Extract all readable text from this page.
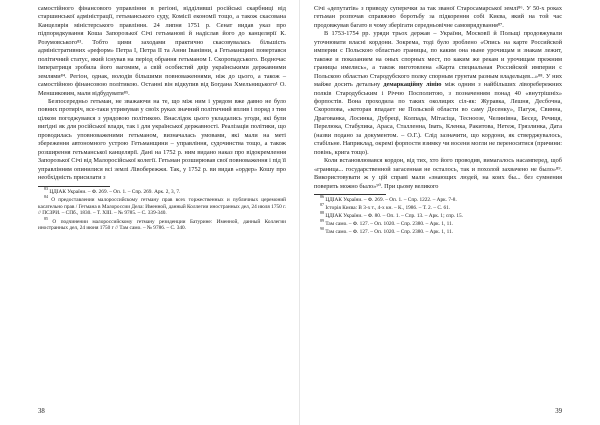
самостійного фінансового управління в регіоні, відділивші російські скарбниці від старшинської адміністрації, гетьманського суду, Комісії економії тощо, а також скасована Канцелярія міністерського правління. 24 липня 1751 р. Сенат видав указ про підпорядкування Коша Запорозької Січі гетьманові й надіслав його до канцелярії К. Розумовського⁸³. Тобто цими заходами практично скасовувалась більшість адміністративних «реформ» Петра I, Петра II та Анни Іванівни, а Гетьманщині повертався політичний статус, який існував на період обрання гетьманом І. Скоропадського. Водночас імператриця зробила його вагомим, а свій особистий двір українськими державними землями⁸⁴. Регіон, однак, володів більшими повноваженнями, ніж до цього, а також – самостійною фінансовою політикою. Останні він відкупив від Богдана Хмельницького¹ О. Меншиковим, мали відбудувати⁸⁵.

Безпосередньо гетьман, не зважаючи на те, що між ним і урядом вже давно не було повних протиріч, все-таки утримував у своїх руках значний політичний вплив і поряд з тим цілком погоджувався з урядовою політикою. Внаслідок цього укладались угоди, які були вигідні як для російської влади, так і для української державності. Реалізація політики, що проводилась уповноваженими гетьманом, визначалась умовами, які мали на меті збереження автономного устрою Гетьманщини – управління, судочинства тощо, а також розширення гетьманської канцелярії. Дані на 1752 р. ним видано наказ про відокремлення Запорозької Січі від Малоросійської колегії. Гетьман розширював свої повноваження і під її управлінням опинилися всі землі Лівобережжя. Так, у 1752 р. ви видав «ордер» Кошу про необхідність присилати з

$^{83}$ ЦДІАК України. – Ф. 269. – Оп. 1. – Спр. 269. Арк. 2, 3, 7.

$^{84}$ О предоставлении малороссийскому гетману прав всех торжественных и публичных церемоний касательно прав / Гетмана в Малороссии Дела: Именной, данный Коллегии иностранных дел, 24 июля 1750 г. // ПСЗРИ. – СПб., 1830. – Т. XIII. – № 9785. – С. 339-340.

$^{85}$ О подчинении малороссийскому гетману резиденции Батурине: Именной, данный Коллегии иностранных дел, 24 июня 1750 г // Там само. – № 9786. – С. 340.

38

Січі «депутатів» з приводу суперечки за так званої Старосамарської землі⁸⁶. У 50-х роках гетьман розпочав справжню боротьбу за підкорення собі Києва, який на той час продовжував багато в чому зберігати середньовічне самоврядування⁸⁷.

В 1753-1754 рр. уряди трьох держав – України, Московії й Польщі продовжували уточнювати власні кордони. Зокрема, тоді було зроблено «Опись на карте Российской империи с Польскою областью границы, по каким она ныне урочищам и знакам лежит, такоже и показанием на оных спорных мест, по каким же рекам и урочищам прежним границы имелись», а також виготовлена «Карта специальная Российской империи с Польскою областью Стародубского полку спорным грунтам разным владельцев...»⁸⁸. У них майже досить детальну демаркаційну лінію між одним з найбільших ліворебережних полків Стародубським і Річчю Посполитою, з позначенням понад 40 «внутрішніх» форпостів. Вона проходила по таких околицях сіл-як: Журавка, Лешня, Десбочна, Скоропова, «которая впадает не Польской области во саму Десенку», Пагуж, Свинна, Драгованка, Лосинка, Дубреці, Колпада, Мітасіца, Тесноозе, Челинівна, Бесед, Речиця, Перелюка, Стабулика, Араса, Сталленна, Івать, Кленка, Ракитова, Нетеж, Грязлинка, Дата (назви подано за документом. – О.Г.). Слід зазначити, що кордони, як стверджувалось, стабільне. Наприклад, окремі форпости взимку чи восени могли не переноситися (причини: повінь, крига тощо).

Коли встановлювався кордон, від тих, хто його проводив, вимагалось насамперед, щоб «граница... государственной загасенная не осталось, так и похолой захвачено не было»⁸⁹. Використовувати ж у цій справі мали «знающих людей, на коих бы... без сумнения поверить можно было»⁹⁰. При цьому великого

$^{86}$ ЦДІАК України. – Ф. 269. – Оп. 1. – Спр. 1222. – Арк. 7-8.

$^{87}$ Історія Києва: В 3-х т., 4-х кн. – К., 1986. – Т. 2. – С. 61.

$^{88}$ ЦДІАК України. – Ф. 80. – Оп. 1. – Спр. 13. – Арк. 1; спр. 15.

$^{89}$ Там само. – Ф. 127. – Оп. 1020. – Спр. 2380. – Арк. 1, 11.

$^{90}$ Там само. – Ф. 127. – Оп. 1020. – Спр. 2380. – Арк. 1, 11.

39
